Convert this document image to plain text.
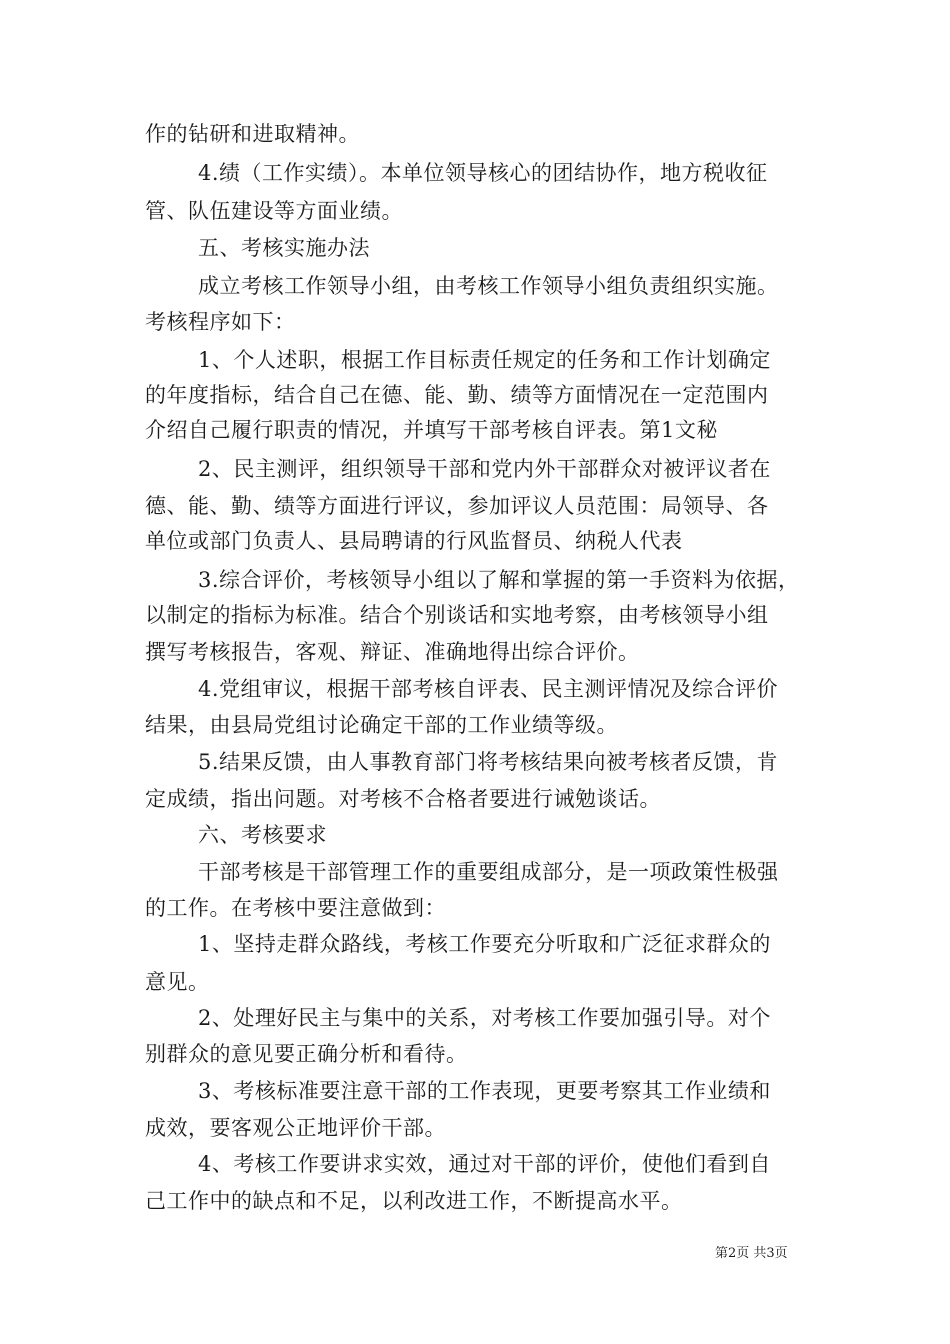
作的钻研和进取精神。
4.绩（工作实绩）。本单位领导核心的团结协作，地方税收征
管、队伍建设等方面业绩。
五、考核实施办法
成立考核工作领导小组，由考核工作领导小组负责组织实施。
考核程序如下：
1、个人述职，根据工作目标责任规定的任务和工作计划确定
的年度指标，结合自己在德、能、勤、绩等方面情况在一定范围内
介绍自己履行职责的情况，并填写干部考核自评表。第1文秘
2、民主测评，组织领导干部和党内外干部群众对被评议者在
德、能、勤、绩等方面进行评议，参加评议人员范围：局领导、各
单位或部门负责人、县局聘请的行风监督员、纳税人代表
3.综合评价，考核领导小组以了解和掌握的第一手资料为依据，
以制定的指标为标准。结合个别谈话和实地考察，由考核领导小组
撰写考核报告，客观、辩证、准确地得出综合评价。
4.党组审议，根据干部考核自评表、民主测评情况及综合评价
结果，由县局党组讨论确定干部的工作业绩等级。
5.结果反馈，由人事教育部门将考核结果向被考核者反馈，肯
定成绩，指出问题。对考核不合格者要进行诫勉谈话。
六、考核要求
干部考核是干部管理工作的重要组成部分，是一项政策性极强
的工作。在考核中要注意做到：
1、坚持走群众路线，考核工作要充分听取和广泛征求群众的
意见。
2、处理好民主与集中的关系，对考核工作要加强引导。对个
别群众的意见要正确分析和看待。
3、考核标准要注意干部的工作表现，更要考察其工作业绩和
成效，要客观公正地评价干部。
4、考核工作要讲求实效，通过对干部的评价，使他们看到自
己工作中的缺点和不足，以利改进工作，不断提高水平。
第2页 共3页
